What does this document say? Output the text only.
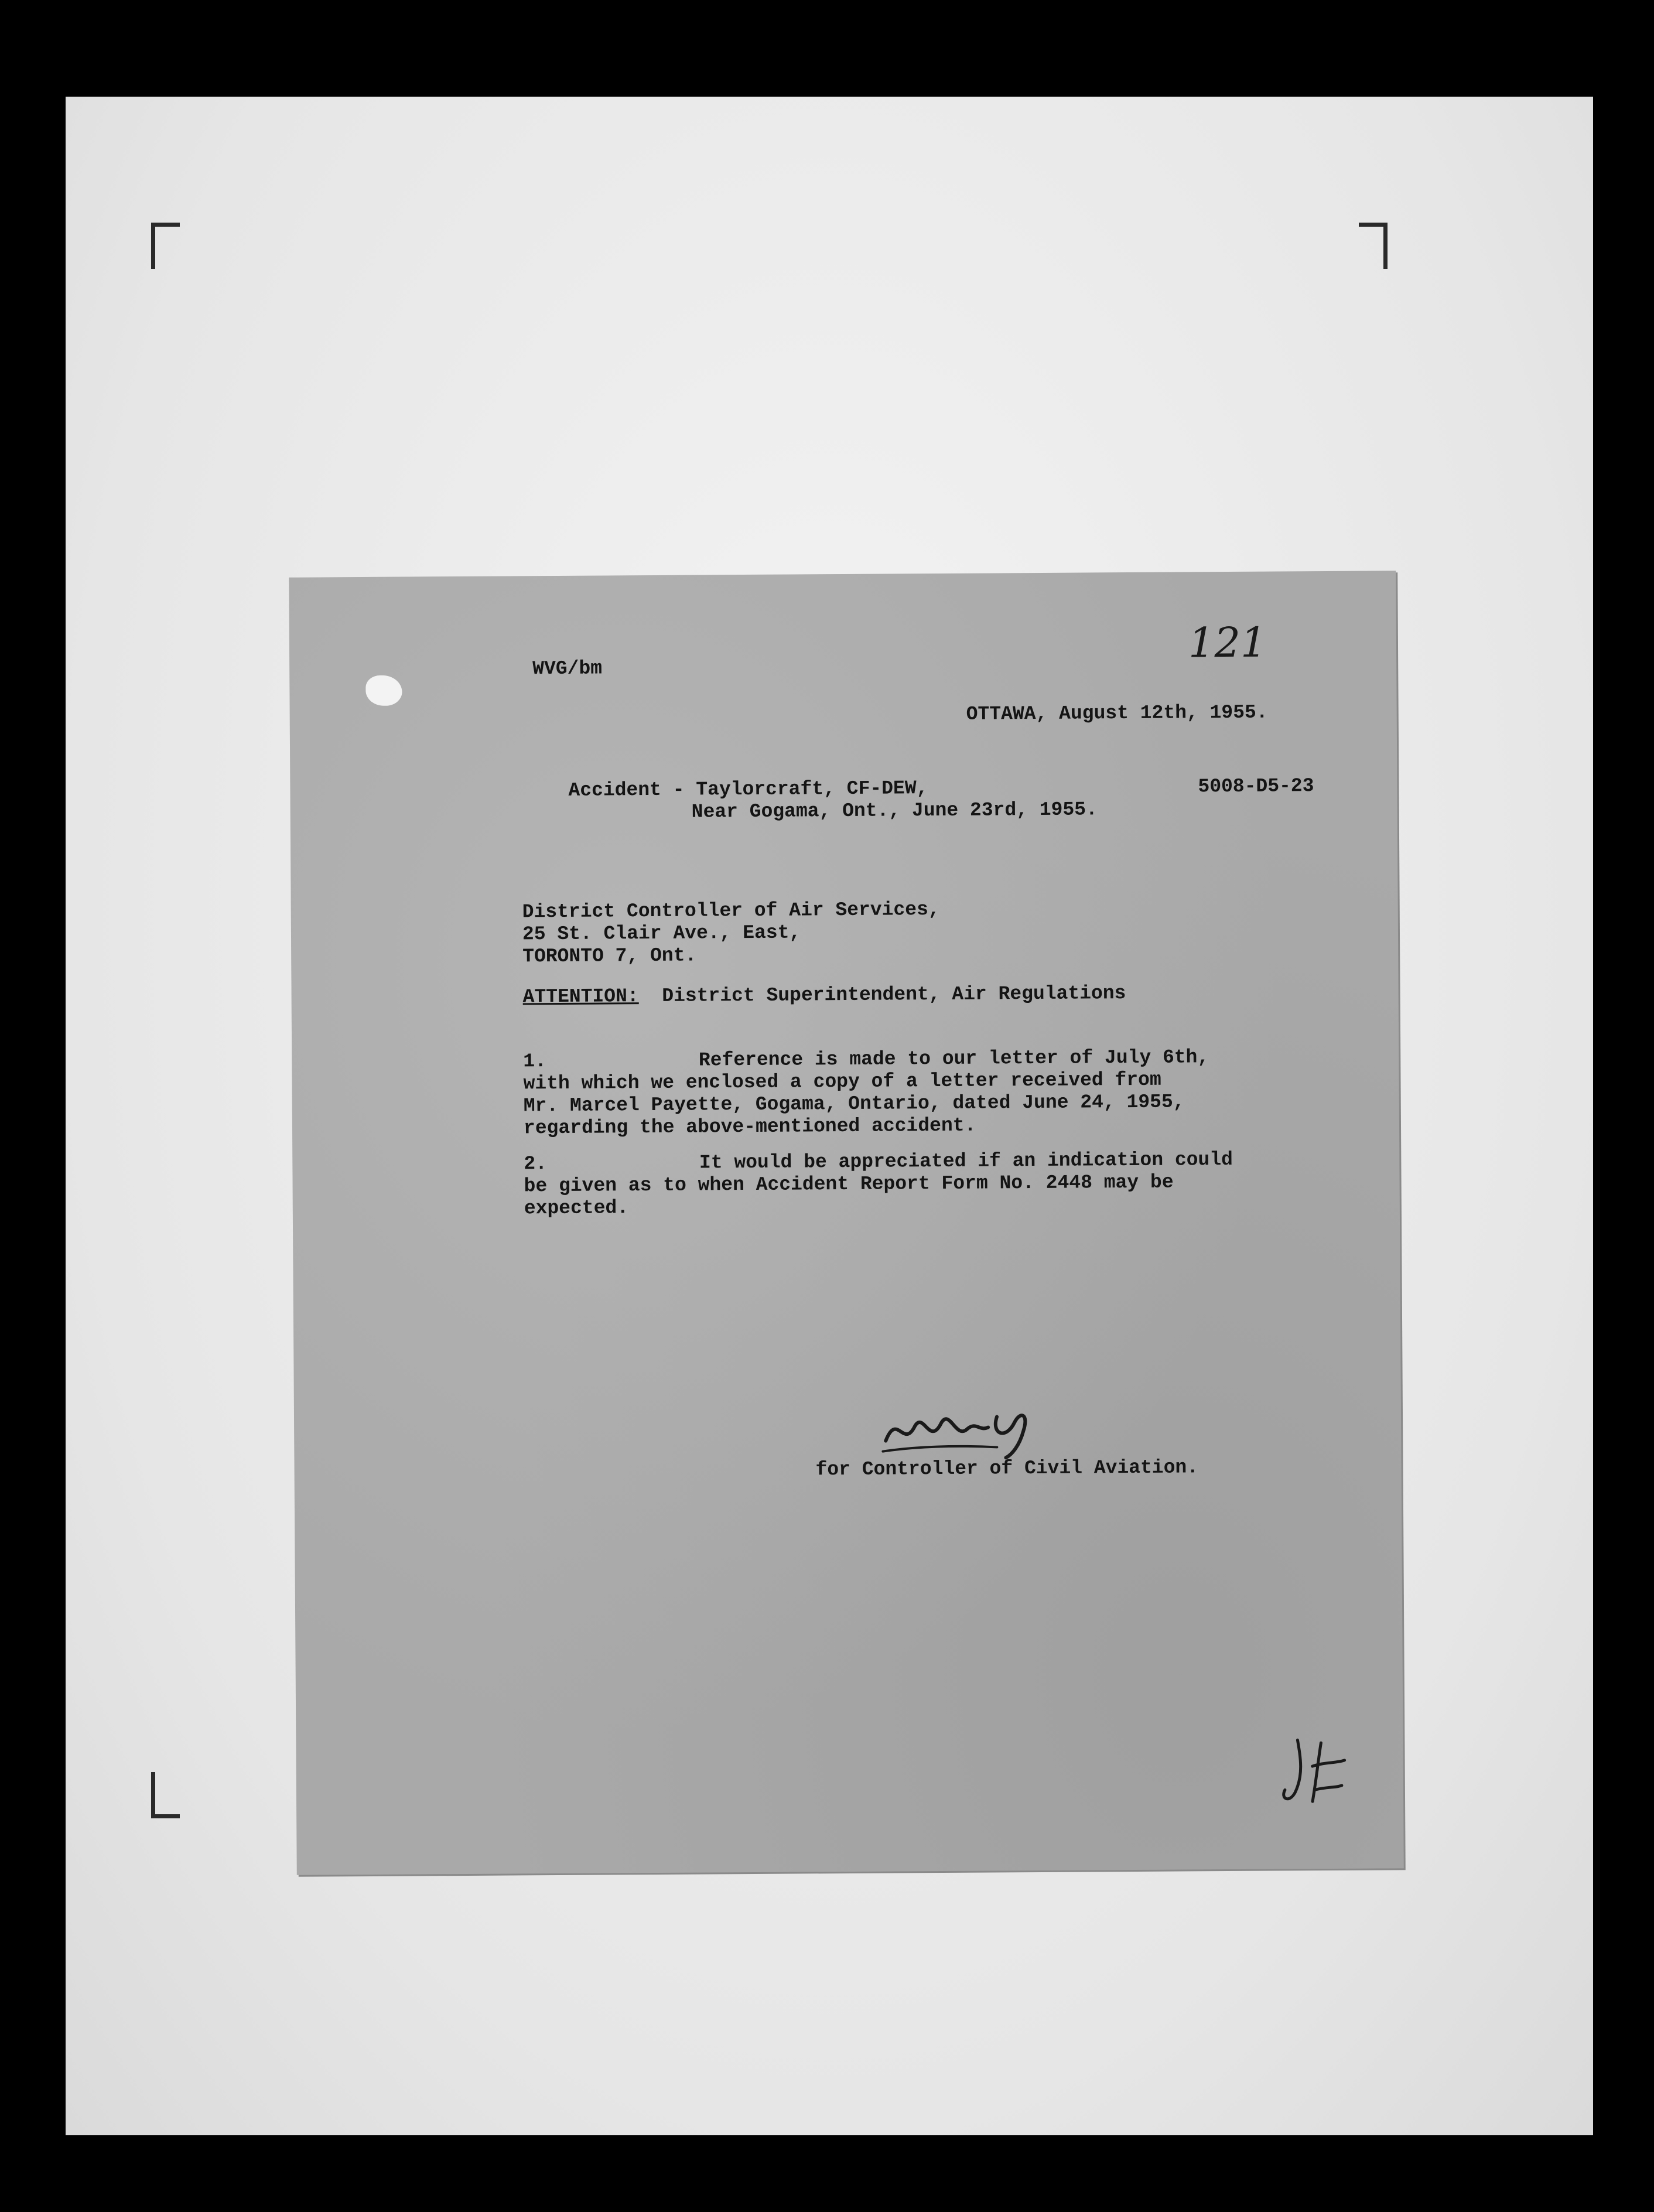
121

WVG/bm

OTTAWA, August 12th, 1955.

Accident - Taylorcraft, CF-DEW,

Near Gogama, Ont., June 23rd, 1955.

5008-D5-23

District Controller of Air Services,

25 St. Clair Ave., East,

TORONTO 7, Ont.

ATTENTION: District Superintendent, Air Regulations

1.	Reference is made to our letter of July 6th,
with which we enclosed a copy of a letter received from
Mr. Marcel Payette, Gogama, Ontario, dated June 24, 1955,
regarding the above-mentioned accident.
2.	It would be appreciated if an indication could
be given as to when Accident Report Form No. 2448 may be
expected.

for Controller of Civil Aviation.
